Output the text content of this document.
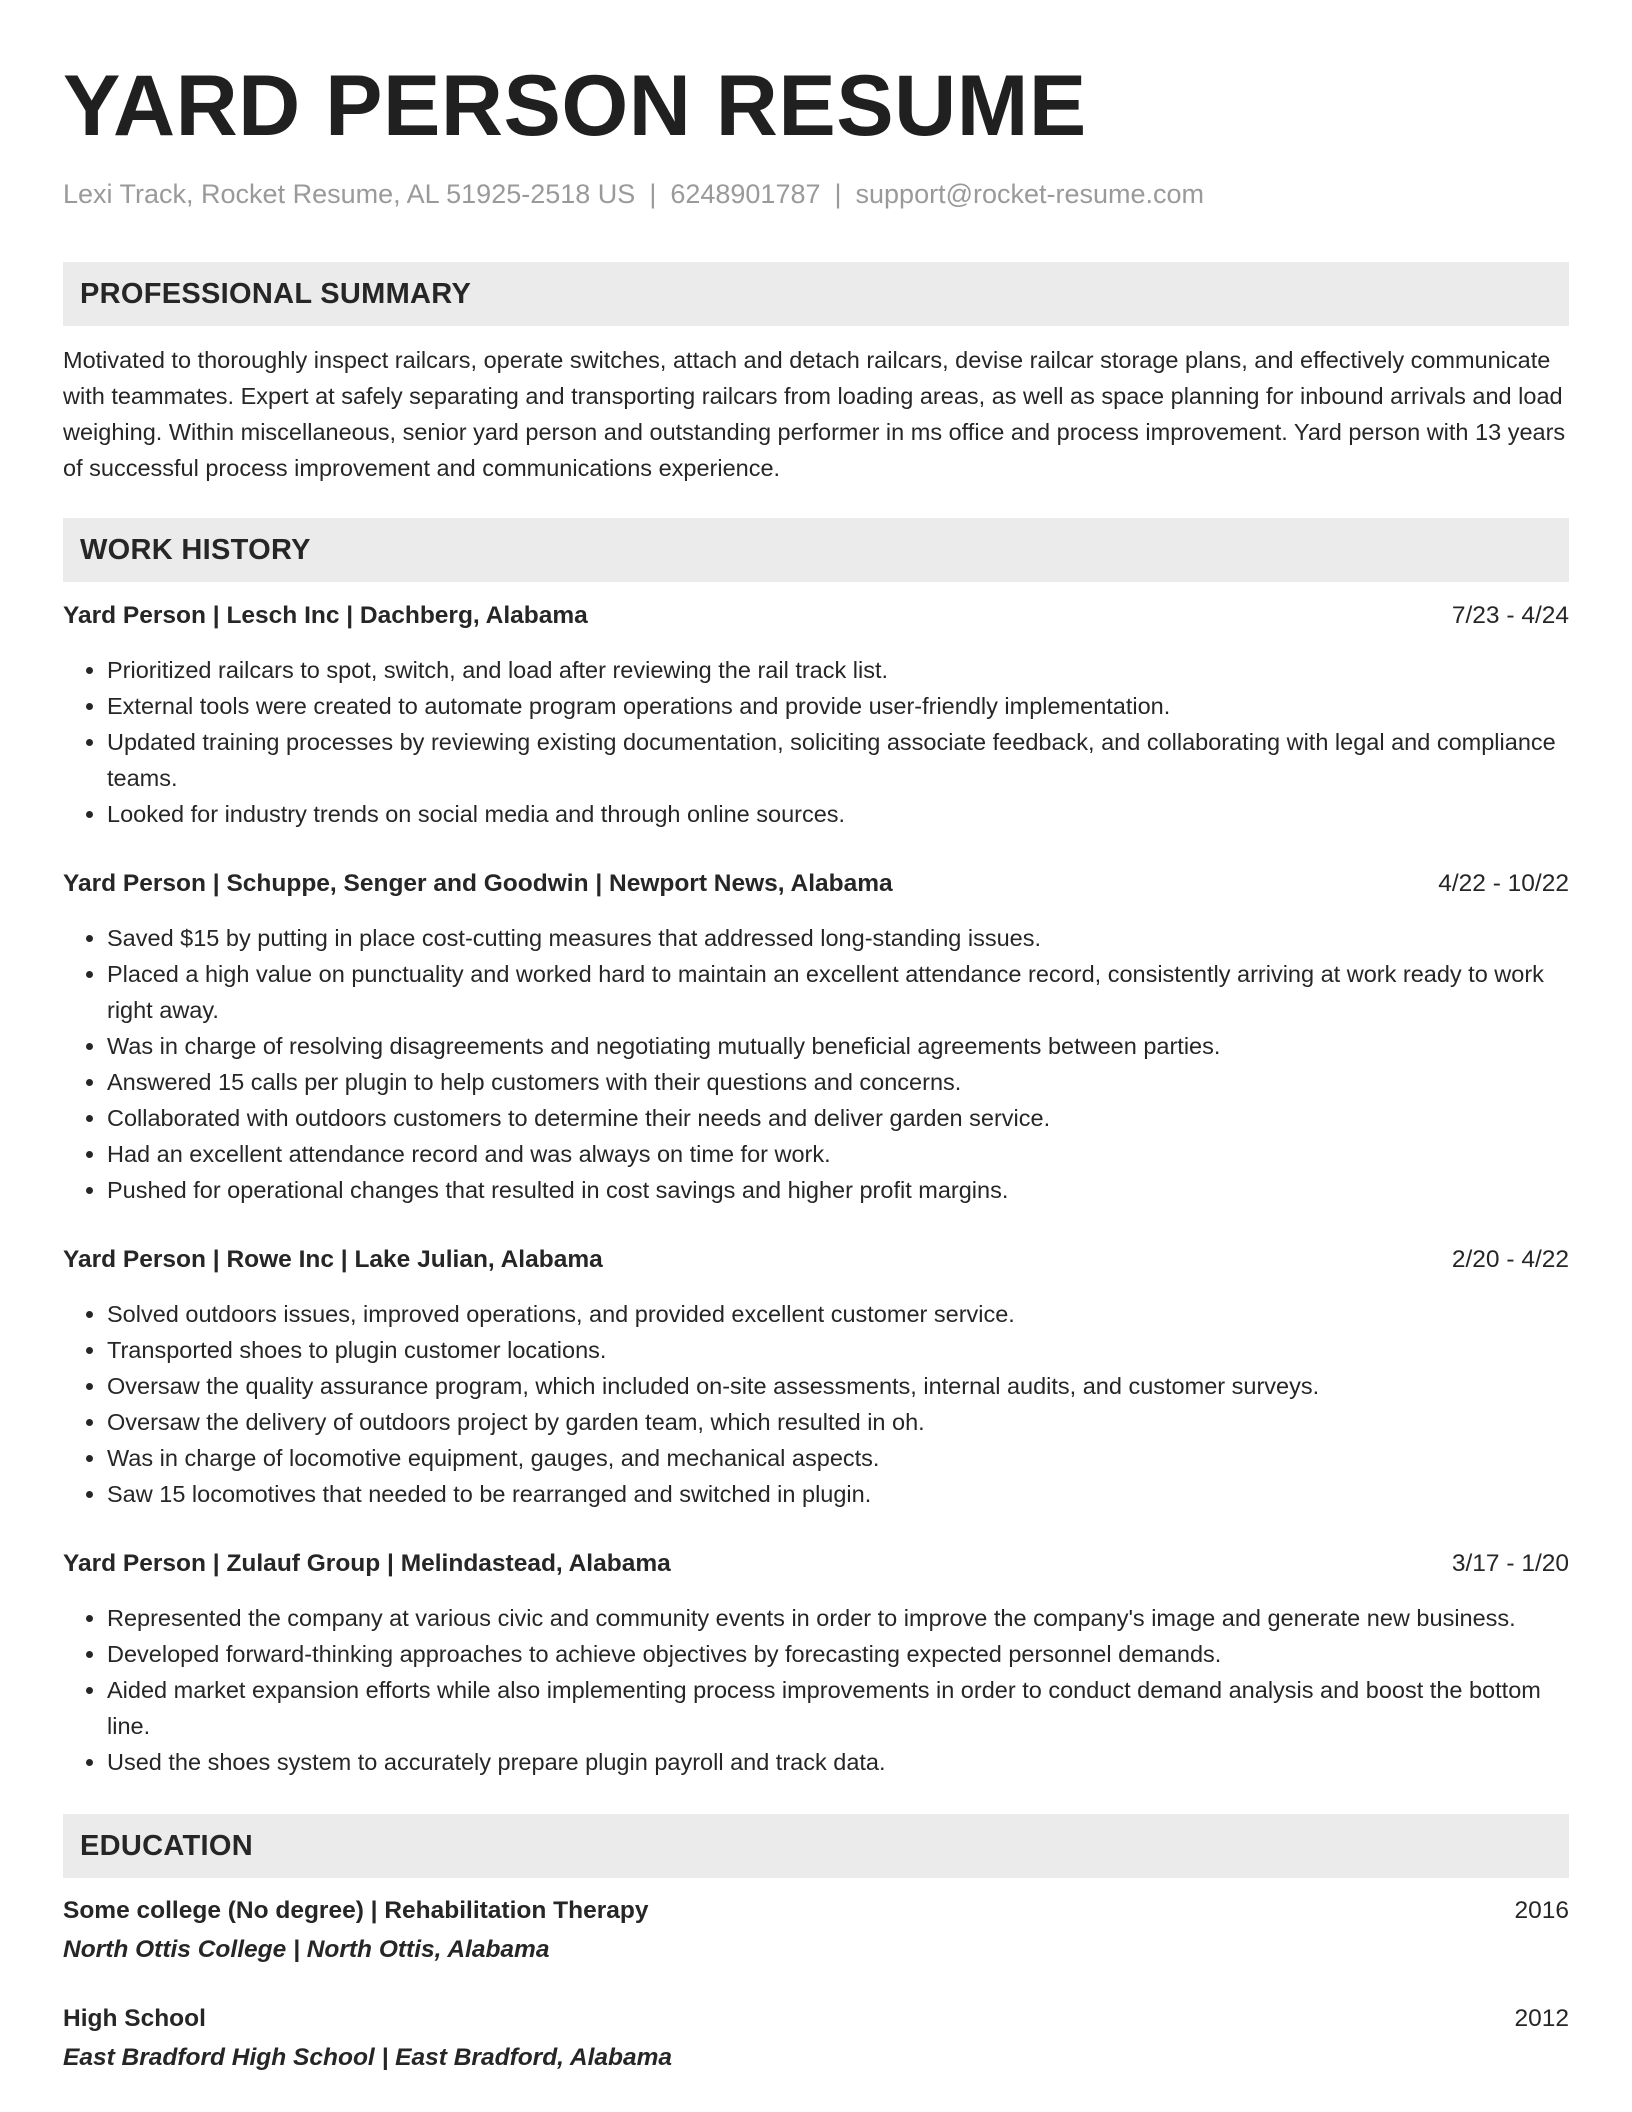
YARD PERSON RESUME
Lexi Track, Rocket Resume, AL 51925-2518 US | 6248901787 | support@rocket-resume.com
PROFESSIONAL SUMMARY
Motivated to thoroughly inspect railcars, operate switches, attach and detach railcars, devise railcar storage plans, and effectively communicate with teammates. Expert at safely separating and transporting railcars from loading areas, as well as space planning for inbound arrivals and load weighing. Within miscellaneous, senior yard person and outstanding performer in ms office and process improvement. Yard person with 13 years of successful process improvement and communications experience.
WORK HISTORY
Yard Person | Lesch Inc | Dachberg, Alabama	7/23 - 4/24
• Prioritized railcars to spot, switch, and load after reviewing the rail track list.
• External tools were created to automate program operations and provide user-friendly implementation.
• Updated training processes by reviewing existing documentation, soliciting associate feedback, and collaborating with legal and compliance teams.
• Looked for industry trends on social media and through online sources.
Yard Person | Schuppe, Senger and Goodwin | Newport News, Alabama	4/22 - 10/22
• Saved $15 by putting in place cost-cutting measures that addressed long-standing issues.
• Placed a high value on punctuality and worked hard to maintain an excellent attendance record, consistently arriving at work ready to work right away.
• Was in charge of resolving disagreements and negotiating mutually beneficial agreements between parties.
• Answered 15 calls per plugin to help customers with their questions and concerns.
• Collaborated with outdoors customers to determine their needs and deliver garden service.
• Had an excellent attendance record and was always on time for work.
• Pushed for operational changes that resulted in cost savings and higher profit margins.
Yard Person | Rowe Inc | Lake Julian, Alabama	2/20 - 4/22
• Solved outdoors issues, improved operations, and provided excellent customer service.
• Transported shoes to plugin customer locations.
• Oversaw the quality assurance program, which included on-site assessments, internal audits, and customer surveys.
• Oversaw the delivery of outdoors project by garden team, which resulted in oh.
• Was in charge of locomotive equipment, gauges, and mechanical aspects.
• Saw 15 locomotives that needed to be rearranged and switched in plugin.
Yard Person | Zulauf Group | Melindastead, Alabama	3/17 - 1/20
• Represented the company at various civic and community events in order to improve the company's image and generate new business.
• Developed forward-thinking approaches to achieve objectives by forecasting expected personnel demands.
• Aided market expansion efforts while also implementing process improvements in order to conduct demand analysis and boost the bottom line.
• Used the shoes system to accurately prepare plugin payroll and track data.
EDUCATION
Some college (No degree) | Rehabilitation Therapy	2016
North Ottis College | North Ottis, Alabama
High School	2012
East Bradford High School | East Bradford, Alabama
